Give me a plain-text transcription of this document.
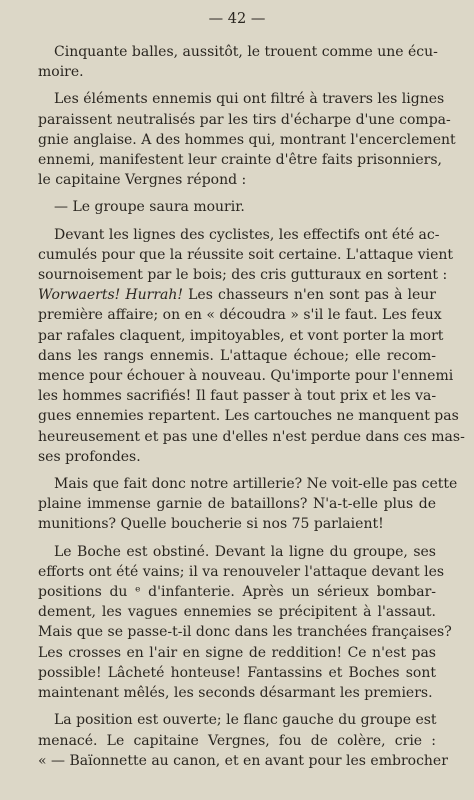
— 42 —
Cinquante balles, aussitôt, le trouent comme une écu-
moire.
Les éléments ennemis qui ont filtré à travers les lignes
paraissent neutralisés par les tirs d'écharpe d'une compa-
gnie anglaise. A des hommes qui, montrant l'encerclement
ennemi, manifestent leur crainte d'être faits prisonniers,
le capitaine Vergnes répond :
— Le groupe saura mourir.
Devant les lignes des cyclistes, les effectifs ont été ac-
cumulés pour que la réussite soit certaine. L'attaque vient
sournoisement par le bois; des cris gutturaux en sortent :
Worwaerts! Hurrah! Les chasseurs n'en sont pas à leur
première affaire; on en « découdra » s'il le faut. Les feux
par rafales claquent, impitoyables, et vont porter la mort
dans les rangs ennemis. L'attaque échoue; elle recom-
mence pour échouer à nouveau. Qu'importe pour l'ennemi
les hommes sacrifiés! Il faut passer à tout prix et les va-
gues ennemies repartent. Les cartouches ne manquent pas
heureusement et pas une d'elles n'est perdue dans ces mas-
ses profondes.
Mais que fait donc notre artillerie? Ne voit-elle pas cette
plaine immense garnie de bataillons? N'a-t-elle plus de
munitions? Quelle boucherie si nos 75 parlaient!
Le Boche est obstiné. Devant la ligne du groupe, ses
efforts ont été vains; il va renouveler l'attaque devant les
positions du ᵉ d'infanterie. Après un sérieux bombar-
dement, les vagues ennemies se précipitent à l'assaut.
Mais que se passe-t-il donc dans les tranchées françaises?
Les crosses en l'air en signe de reddition! Ce n'est pas
possible! Lâcheté honteuse! Fantassins et Boches sont
maintenant mêlés, les seconds désarmant les premiers.
La position est ouverte; le flanc gauche du groupe est
menacé. Le capitaine Vergnes, fou de colère, crie :
« — Baïonnette au canon, et en avant pour les embrocher
